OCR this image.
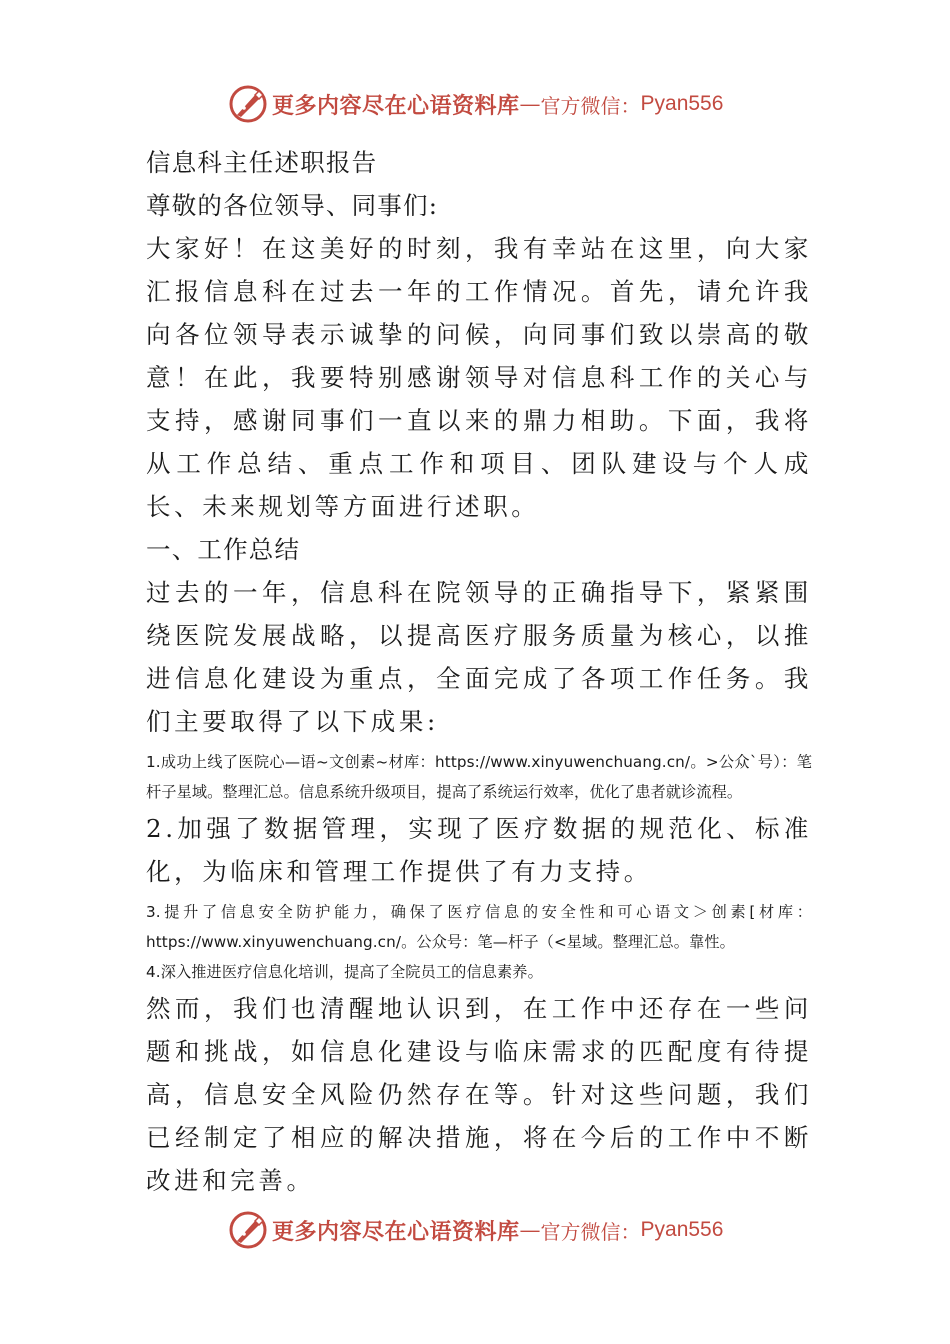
更多内容尽在心语资料库 — 官方微信： Pyan556

信息科主任述职报告

尊敬的各位领导、同事们:

大家好！在这美好的时刻，我有幸站在这里，向大家汇报信息科在过去一年的工作情况。首先，请允许我向各位领导表示诚挚的问候，向同事们致以崇高的敬意！在此，我要特别感谢领导对信息科工作的关心与支持，感谢同事们一直以来的鼎力相助。下面，我将从工作总结、重点工作和项目、团队建设与个人成长、未来规划等方面进行述职。

一、工作总结

过去的一年，信息科在院领导的正确指导下，紧紧围绕医院发展战略，以提高医疗服务质量为核心，以推进信息化建设为重点，全面完成了各项工作任务。我们主要取得了以下成果:

1.成功上线了医院心—语~文创素~材库：https://www.xinyuwenchuang.cn/。>公众`号）：笔杆子星域。整理汇总。信息系统升级项目，提高了系统运行效率，优化了患者就诊流程。

2.加强了数据管理，实现了医疗数据的规范化、标准化，为临床和管理工作提供了有力支持。

3.提升了信息安全防护能力，确保了医疗信息的安全性和可心语文＞创素[材库：https://www.xinyuwenchuang.cn/。公众号：笔—杆子（<星域。整理汇总。靠性。

4.深入推进医疗信息化培训，提高了全院员工的信息素养。

然而，我们也清醒地认识到，在工作中还存在一些问题和挑战，如信息化建设与临床需求的匹配度有待提高，信息安全风险仍然存在等。针对这些问题，我们已经制定了相应的解决措施，将在今后的工作中不断改进和完善。

更多内容尽在心语资料库 — 官方微信： Pyan556
